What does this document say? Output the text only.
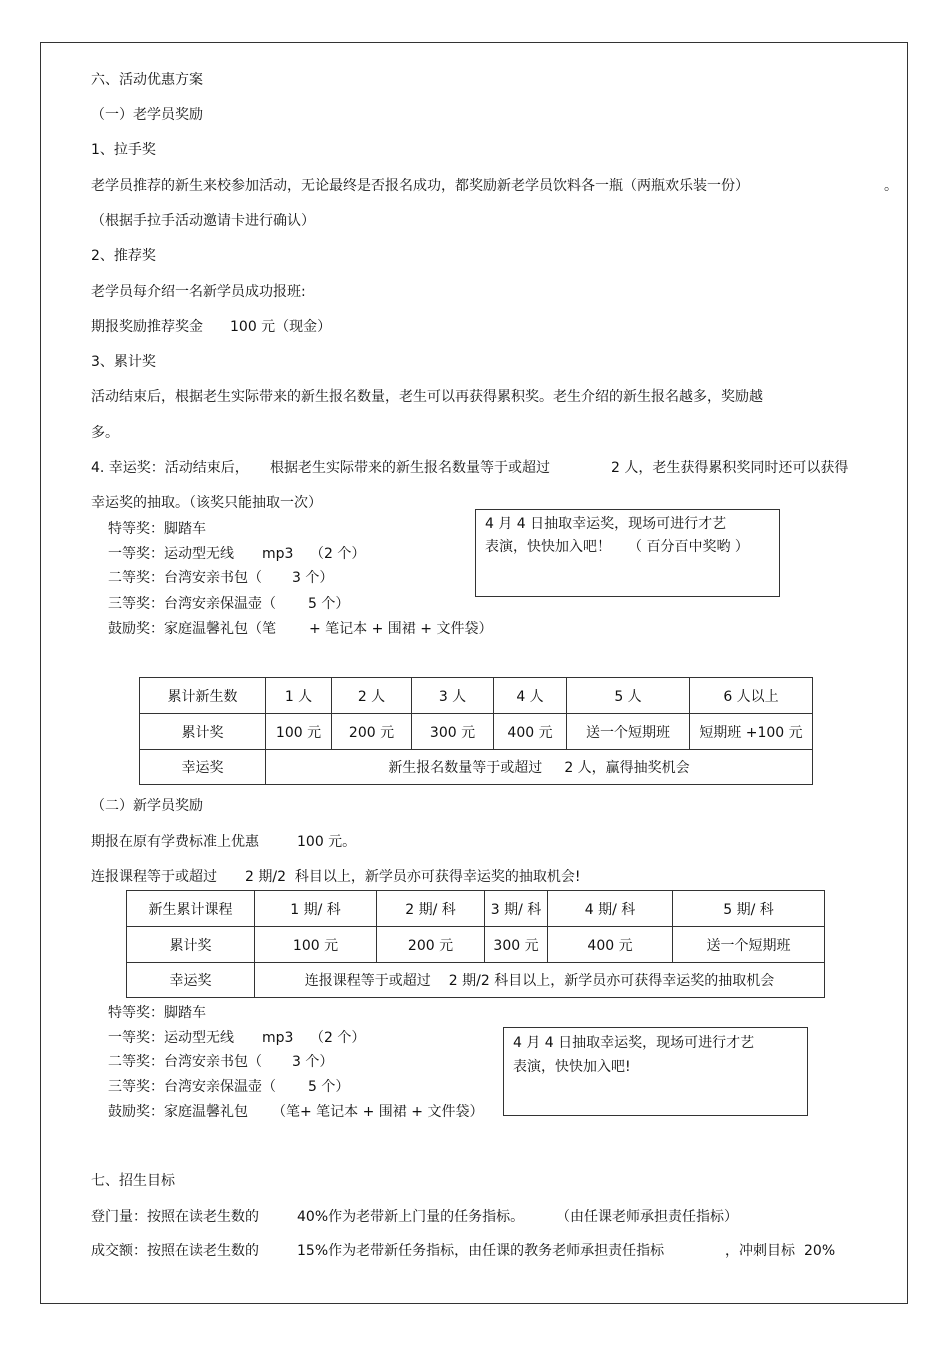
六、活动优惠方案
（一）老学员奖励
1、拉手奖
老学员推荐的新生来校参加活动，无论最终是否报名成功，都奖励新老学员饮料各一瓶（两瓶欢乐装一份）	。
（根据手拉手活动邀请卡进行确认）
2、推荐奖
老学员每介绍一名新学员成功报班:
期报奖励推荐奖金 100 元（现金）
3、累计奖
活动结束后，根据老生实际带来的新生报名数量，老生可以再获得累积奖。老生介绍的新生报名越多，奖励越
多。
4. 幸运奖：活动结束后， 根据老生实际带来的新生报名数量等于或超过	2 人，老生获得累积奖同时还可以获得
幸运奖的抽取。（该奖只能抽取一次）
特等奖：脚踏车
一等奖：运动型无线 mp3 （2 个）
二等奖：台湾安亲书包（ 3 个）
三等奖：台湾安亲保温壶（ 5 个）
鼓励奖：家庭温馨礼包（笔 + 笔记本 + 围裙 + 文件袋）
4 月 4 日抽取幸运奖，现场可进行才艺
表演，快快加入吧！ （ 百分百中奖哟 ）
累计新生数	1 人	2 人	3 人	4 人	5 人	6 人以上
累计奖	100 元	200 元	300 元	400 元	送一个短期班	短期班 +100 元
幸运奖	新生报名数量等于或超过 2 人，赢得抽奖机会					
（二）新学员奖励
期报在原有学费标准上优惠	100 元。
连报课程等于或超过 2 期/2  科目以上，新学员亦可获得幸运奖的抽取机会!
新生累计课程	1 期/ 科	2 期/ 科	3 期/ 科	4 期/ 科	5 期/ 科
累计奖	100 元	200 元	300 元	400 元	送一个短期班
幸运奖	连报课程等于或超过 2 期/2 科目以上，新学员亦可获得幸运奖的抽取机会				
特等奖：脚踏车
一等奖：运动型无线 mp3 （2 个）
二等奖：台湾安亲书包（ 3 个）
三等奖：台湾安亲保温壶（ 5 个）
鼓励奖：家庭温馨礼包 （笔+ 笔记本 + 围裙 + 文件袋）
4 月 4 日抽取幸运奖，现场可进行才艺
表演，快快加入吧!
七、招生目标
登门量：按照在读老生数的	40%作为老带新上门量的任务指标。 （由任课老师承担责任指标）
成交额：按照在读老生数的	15%作为老带新任务指标，由任课的教务老师承担责任指标	，冲刺目标 20%
